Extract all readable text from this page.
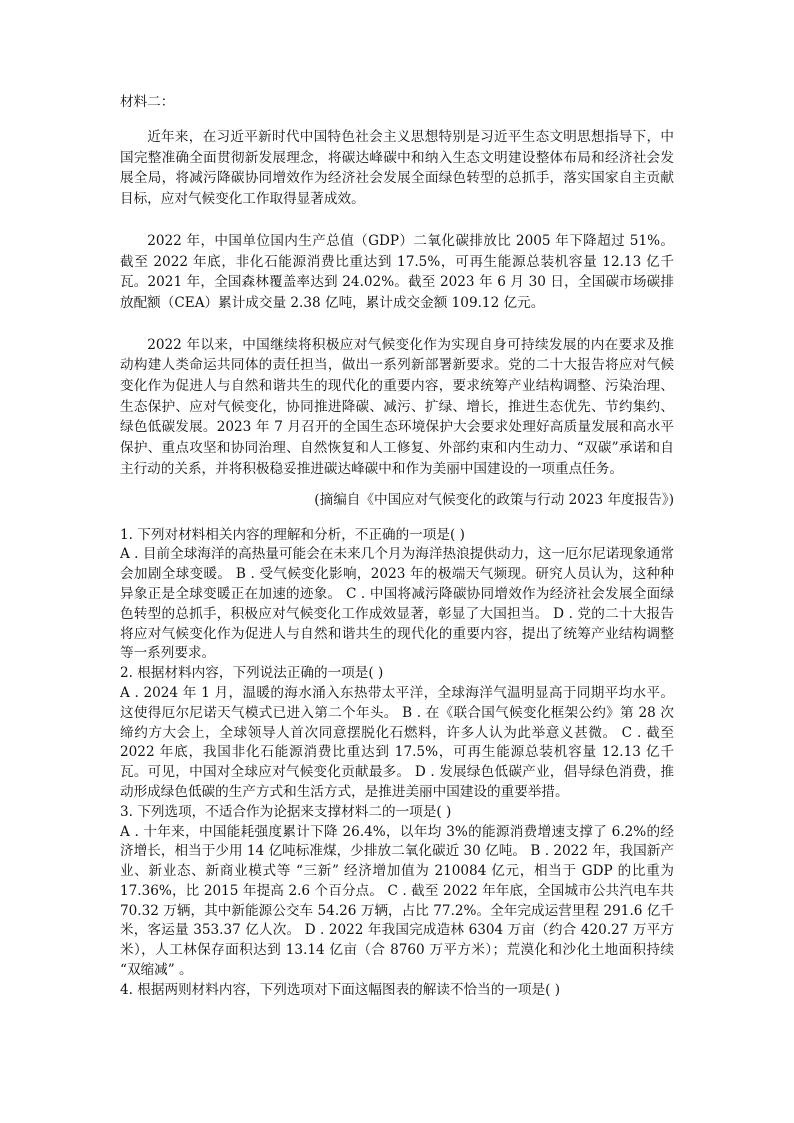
材料二：

近年来，在习近平新时代中国特色社会主义思想特别是习近平生态文明思想指导下，中国完整准确全面贯彻新发展理念，将碳达峰碳中和纳入生态文明建设整体布局和经济社会发展全局，将减污降碳协同增效作为经济社会发展全面绿色转型的总抓手，落实国家自主贡献目标，应对气候变化工作取得显著成效。

2022 年，中国单位国内生产总值（GDP）二氧化碳排放比 2005 年下降超过 51%。截至 2022 年底，非化石能源消费比重达到 17.5%，可再生能源总装机容量 12.13 亿千瓦。2021 年，全国森林覆盖率达到 24.02%。截至 2023 年 6 月 30 日，全国碳市场碳排放配额（CEA）累计成交量 2.38 亿吨，累计成交金额 109.12 亿元。

2022 年以来，中国继续将积极应对气候变化作为实现自身可持续发展的内在要求及推动构建人类命运共同体的责任担当，做出一系列新部署新要求。党的二十大报告将应对气候变化作为促进人与自然和谐共生的现代化的重要内容，要求统筹产业结构调整、污染治理、生态保护、应对气候变化，协同推进降碳、减污、扩绿、增长，推进生态优先、节约集约、绿色低碳发展。2023 年 7 月召开的全国生态环境保护大会要求处理好高质量发展和高水平保护、重点攻坚和协同治理、自然恢复和人工修复、外部约束和内生动力、“双碳”承诺和自主行动的关系，并将积极稳妥推进碳达峰碳中和作为美丽中国建设的一项重点任务。

(摘编自《中国应对气候变化的政策与行动 2023 年度报告》)
1. 下列对材料相关内容的理解和分析，不正确的一项是( )
A . 目前全球海洋的高热量可能会在未来几个月为海洋热浪提供动力，这一厄尔尼诺现象通常会加剧全球变暖。 B . 受气候变化影响，2023 年的极端天气频现。研究人员认为，这种种异象正是全球变暖正在加速的迹象。 C . 中国将减污降碳协同增效作为经济社会发展全面绿色转型的总抓手，积极应对气候变化工作成效显著，彰显了大国担当。 D . 党的二十大报告将应对气候变化作为促进人与自然和谐共生的现代化的重要内容，提出了统筹产业结构调整等一系列要求。
2. 根据材料内容，下列说法正确的一项是( )
A . 2024 年 1 月，温暖的海水涌入东热带太平洋，全球海洋气温明显高于同期平均水平。这使得厄尔尼诺天气模式已进入第二个年头。 B . 在《联合国气候变化框架公约》第 28 次缔约方大会上，全球领导人首次同意摆脱化石燃料，许多人认为此举意义甚微。 C . 截至 2022 年底，我国非化石能源消费比重达到 17.5%，可再生能源总装机容量 12.13 亿千瓦。可见，中国对全球应对气候变化贡献最多。 D . 发展绿色低碳产业，倡导绿色消费，推动形成绿色低碳的生产方式和生活方式，是推进美丽中国建设的重要举措。
3. 下列选项，不适合作为论据来支撑材料二的一项是( )
A . 十年来，中国能耗强度累计下降 26.4%，以年均 3%的能源消费增速支撑了 6.2%的经济增长，相当于少用 14 亿吨标准煤，少排放二氧化碳近 30 亿吨。 B . 2022 年，我国新产业、新业态、新商业模式等 “三新” 经济增加值为 210084 亿元，相当于 GDP 的比重为 17.36%，比 2015 年提高 2.6 个百分点。 C . 截至 2022 年年底，全国城市公共汽电车共 70.32 万辆，其中新能源公交车 54.26 万辆，占比 77.2%。全年完成运营里程 291.6 亿千米，客运量 353.37 亿人次。 D . 2022 年我国完成造林 6304 万亩（约合 420.27 万平方米），人工林保存面积达到 13.14 亿亩（合 8760 万平方米）；荒漠化和沙化土地面积持续 “双缩减” 。
4. 根据两则材料内容，下列选项对下面这幅图表的解读不恰当的一项是( )
